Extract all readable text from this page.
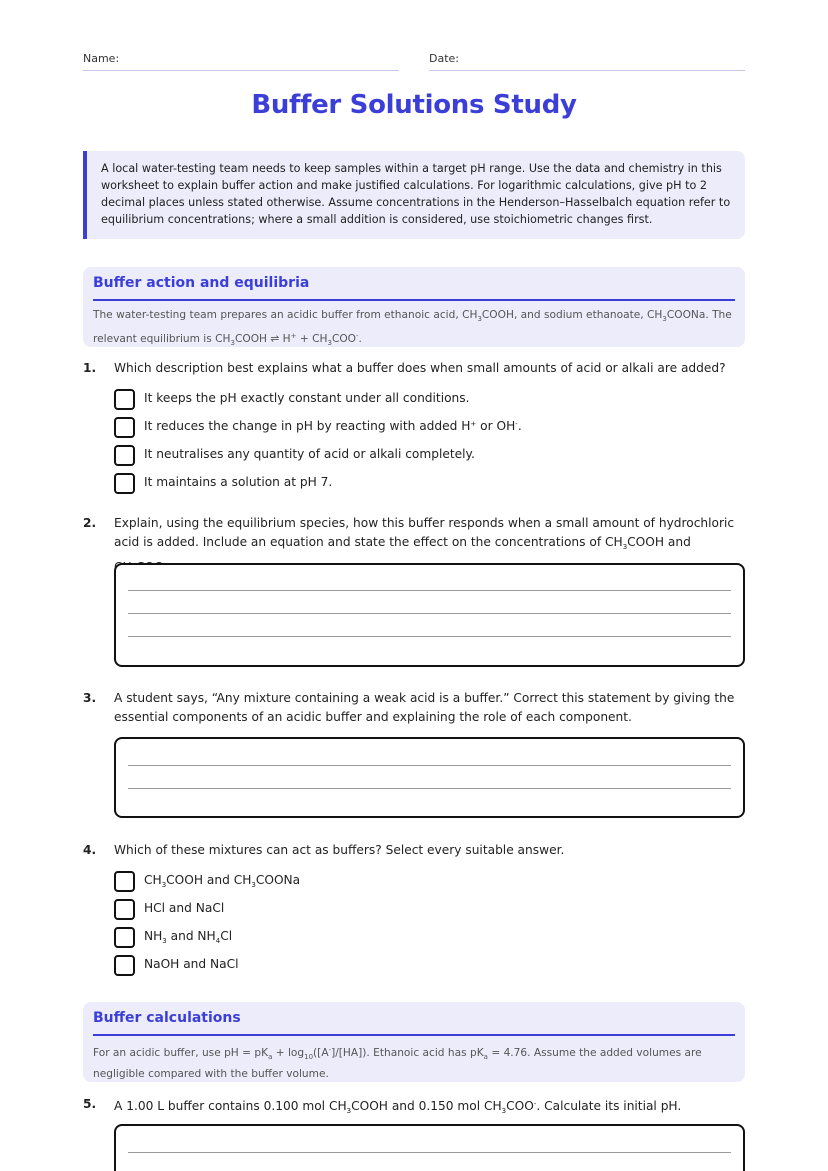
Name:	Date:
Buffer Solutions Study
A local water-testing team needs to keep samples within a target pH range. Use the data and chemistry in this worksheet to explain buffer action and make justified calculations. For logarithmic calculations, give pH to 2 decimal places unless stated otherwise. Assume concentrations in the Henderson–Hasselbalch equation refer to equilibrium concentrations; where a small addition is considered, use stoichiometric changes first.
Buffer action and equilibria
The water-testing team prepares an acidic buffer from ethanoic acid, $CH_3COOH$, and sodium ethanoate, $CH_3COONa$. The relevant equilibrium is $CH_3COOH$ ⇌ $H^+ + CH_3COO^-$.
1. Which description best explains what a buffer does when small amounts of acid or alkali are added?
It keeps the pH exactly constant under all conditions.
It reduces the change in pH by reacting with added H+ or OH-.
It neutralises any quantity of acid or alkali completely.
It maintains a solution at pH 7.
2. Explain, using the equilibrium species, how this buffer responds when a small amount of hydrochloric acid is added. Include an equation and state the effect on the concentrations of $CH_3COOH$ and
3. A student says, “Any mixture containing a weak acid is a buffer.” Correct this statement by giving the essential components of an acidic buffer and explaining the role of each component.
4. Which of these mixtures can act as buffers? Select every suitable answer.
$CH_3COOH$ and $CH_3COONa$
HCl and NaCl
$NH_3$ and $NH_4Cl$
NaOH and NaCl
Buffer calculations
For an acidic buffer, use pH = $pK_a + \log_{10}([A^-]/[HA])$. Ethanoic acid has $pK_a = 4.76$. Assume the added volumes are negligible compared with the buffer volume.
5. A 1.00 L buffer contains 0.100 mol $CH_3COOH$ and 0.150 mol $CH_3COO^-$. Calculate its initial pH.
